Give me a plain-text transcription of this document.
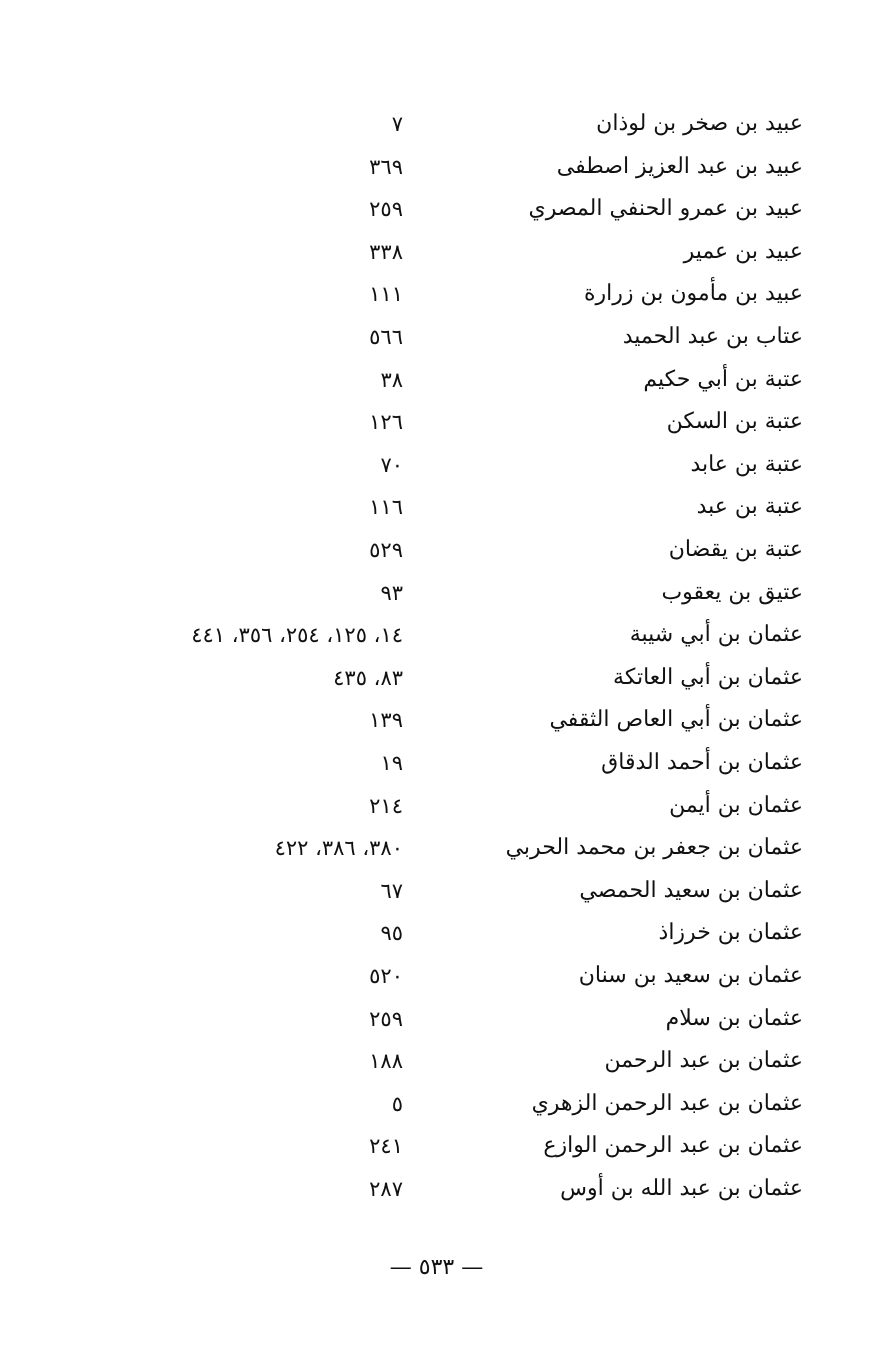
عبيد بن صخر بن لوذان
٧
عبيد بن عبد العزيز اصطفى
٣٦٩
عبيد بن عمرو الحنفي المصري
٢٥٩
عبيد بن عمير
٣٣٨
عبيد بن مأمون بن زرارة
١١١
عتاب بن عبد الحميد
٥٦٦
عتبة بن أبي حكيم
٣٨
عتبة بن السكن
١٢٦
عتبة بن عابد
٧٠
عتبة بن عبد
١١٦
عتبة بن يقضان
٥٢٩
عتيق بن يعقوب
٩٣
عثمان بن أبي شيبة
١٤، ١٢٥، ٢٥٤، ٣٥٦، ٤٤١
عثمان بن أبي العاتكة
٨٣، ٤٣٥
عثمان بن أبي العاص الثقفي
١٣٩
عثمان بن أحمد الدقاق
١٩
عثمان بن أيمن
٢١٤
عثمان بن جعفر بن محمد الحربي
٣٨٠، ٣٨٦، ٤٢٢
عثمان بن سعيد الحمصي
٦٧
عثمان بن خرزاذ
٩٥
عثمان بن سعيد بن سنان
٥٢٠
عثمان بن سلام
٢٥٩
عثمان بن عبد الرحمن
١٨٨
عثمان بن عبد الرحمن الزهري
٥
عثمان بن عبد الرحمن الوازع
٢٤١
عثمان بن عبد الله بن أوس
٢٨٧
— ٥٣٣ —
